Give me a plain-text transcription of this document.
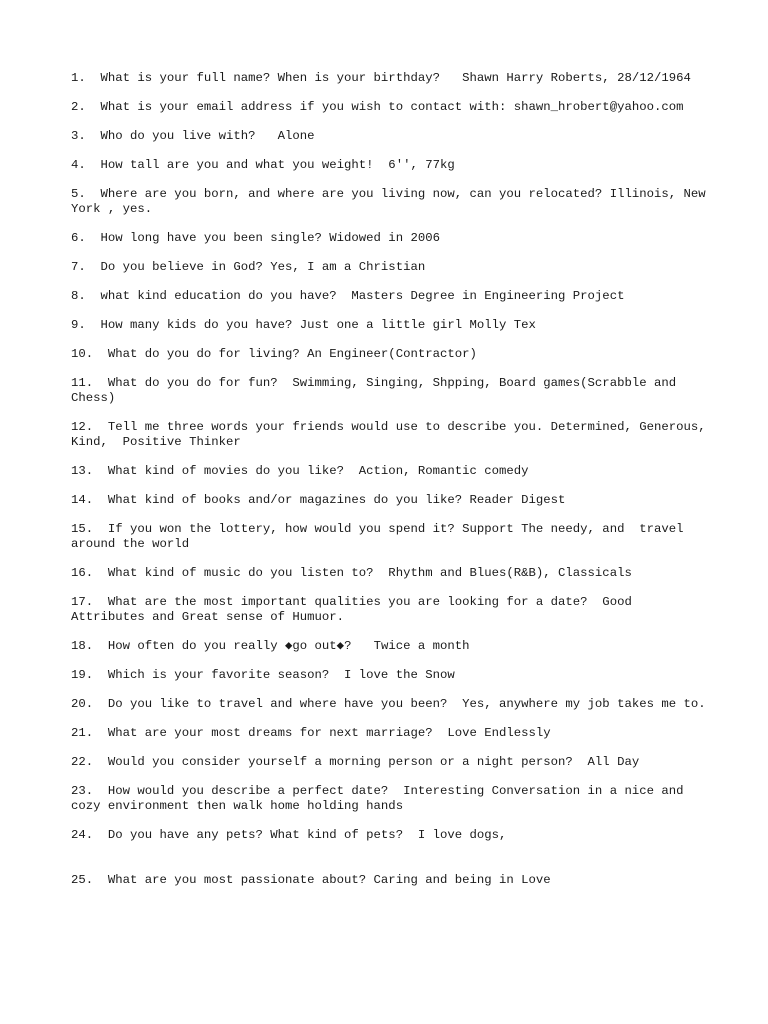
1.  What is your full name? When is your birthday?   Shawn Harry Roberts, 28/12/1964

2.  What is your email address if you wish to contact with: shawn_hrobert@yahoo.com

3.  Who do you live with?   Alone

4.  How tall are you and what you weight!  6'', 77kg

5.  Where are you born, and where are you living now, can you relocated? Illinois, New York , yes.

6.  How long have you been single? Widowed in 2006

7.  Do you believe in God? Yes, I am a Christian

8.  what kind education do you have?  Masters Degree in Engineering Project

9.  How many kids do you have? Just one a little girl Molly Tex

10.  What do you do for living? An Engineer(Contractor)

11.  What do you do for fun?  Swimming, Singing, Shpping, Board games(Scrabble and Chess)

12.  Tell me three words your friends would use to describe you. Determined, Generous, Kind,  Positive Thinker

13.  What kind of movies do you like?  Action, Romantic comedy

14.  What kind of books and/or magazines do you like? Reader Digest

15.  If you won the lottery, how would you spend it? Support The needy, and  travel around the world

16.  What kind of music do you listen to?  Rhythm and Blues(R&B), Classicals

17.  What are the most important qualities you are looking for a date?  Good Attributes and Great sense of Humuor.

18.  How often do you really ◆go out◆?   Twice a month

19.  Which is your favorite season?  I love the Snow

20.  Do you like to travel and where have you been?  Yes, anywhere my job takes me to.

21.  What are your most dreams for next marriage?  Love Endlessly

22.  Would you consider yourself a morning person or a night person?  All Day

23.  How would you describe a perfect date?  Interesting Conversation in a nice and cozy environment then walk home holding hands

24.  Do you have any pets? What kind of pets?  I love dogs,

25.  What are you most passionate about? Caring and being in Love
